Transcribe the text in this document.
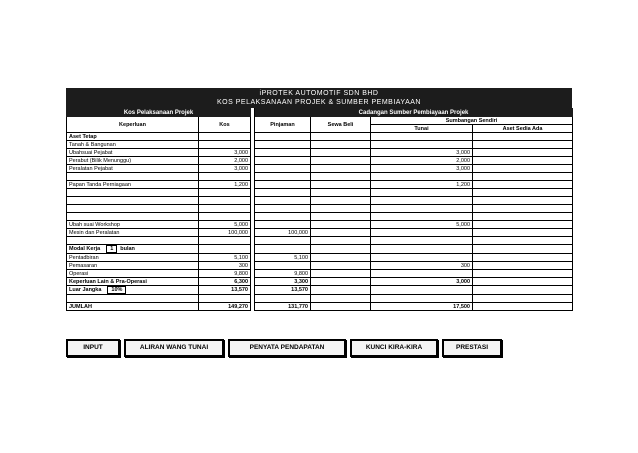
iPROTEK AUTOMOTIF SDN BHD
KOS PELAKSANAAN PROJEK & SUMBER PEMBIAYAAN
Kos Pelaksanaan Projek			Cadangan Sumber Pembiayaan Projek			
Keperluan	Kos		Pinjaman	Sewa Beli	Sumbangan Sendiri	
					Tunai	Aset Sedia Ada
Aset Tetap						
Tanah & Bangunan						
Ubahsuai Pejabat	3,000				3,000	
Perabut (Bilik Menunggu)	2,000				2,000	
Peralatan Pejabat	3,000				3,000	

Papan Tanda Perniagaan	1,200				1,200	

Ubah suai Workshop	5,000				5,000	
Mesin dan Peralatan	100,000		100,000			

Modal Kerja 1 bulan						
Pentadbiran	5,100		5,100			
Pemasaran	300				300	
Operasi	9,800		9,800			
Keperluan Lain & Pra-Operasi	6,300		3,300		3,000	
Luar Jangka 10%	13,570		13,570			

JUMLAH	149,270		131,770		17,500	
INPUT	ALIRAN WANG TUNAI	PENYATA PENDAPATAN	KUNCI KIRA-KIRA	PRESTASI
